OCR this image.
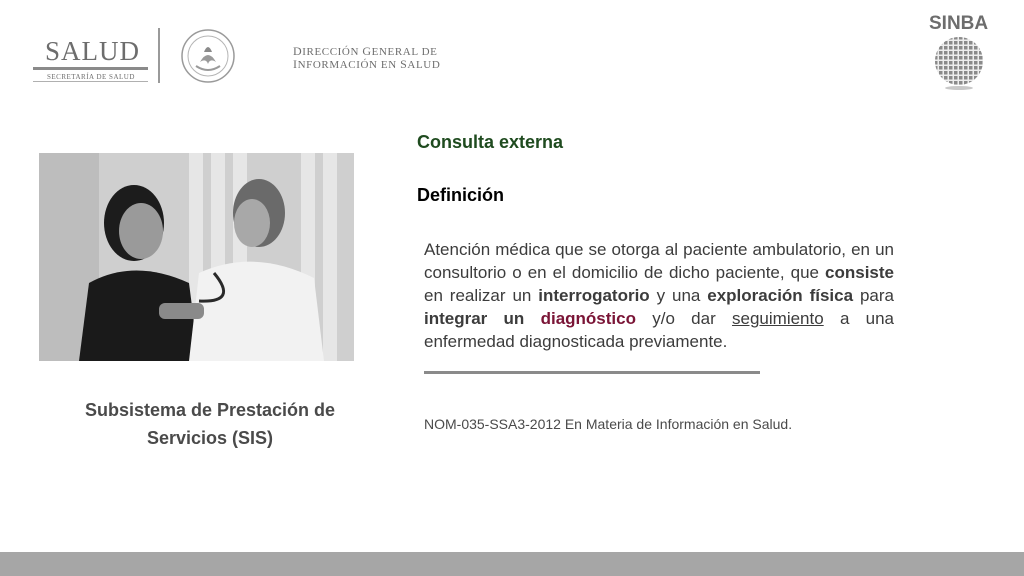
SALUD
SECRETARÍA DE SALUD
DIRECCIÓN GENERAL DE
INFORMACIÓN EN SALUD
SINBA
Subsistema de Prestación de
Servicios (SIS)
Consulta externa
Definición
Atención médica que se otorga al paciente ambulatorio, en un consultorio o en el domicilio de dicho paciente, que consiste en realizar un interrogatorio y una exploración física para integrar un diagnóstico y/o dar seguimiento a una enfermedad diagnosticada previamente.
NOM-035-SSA3-2012 En Materia de Información en Salud.
